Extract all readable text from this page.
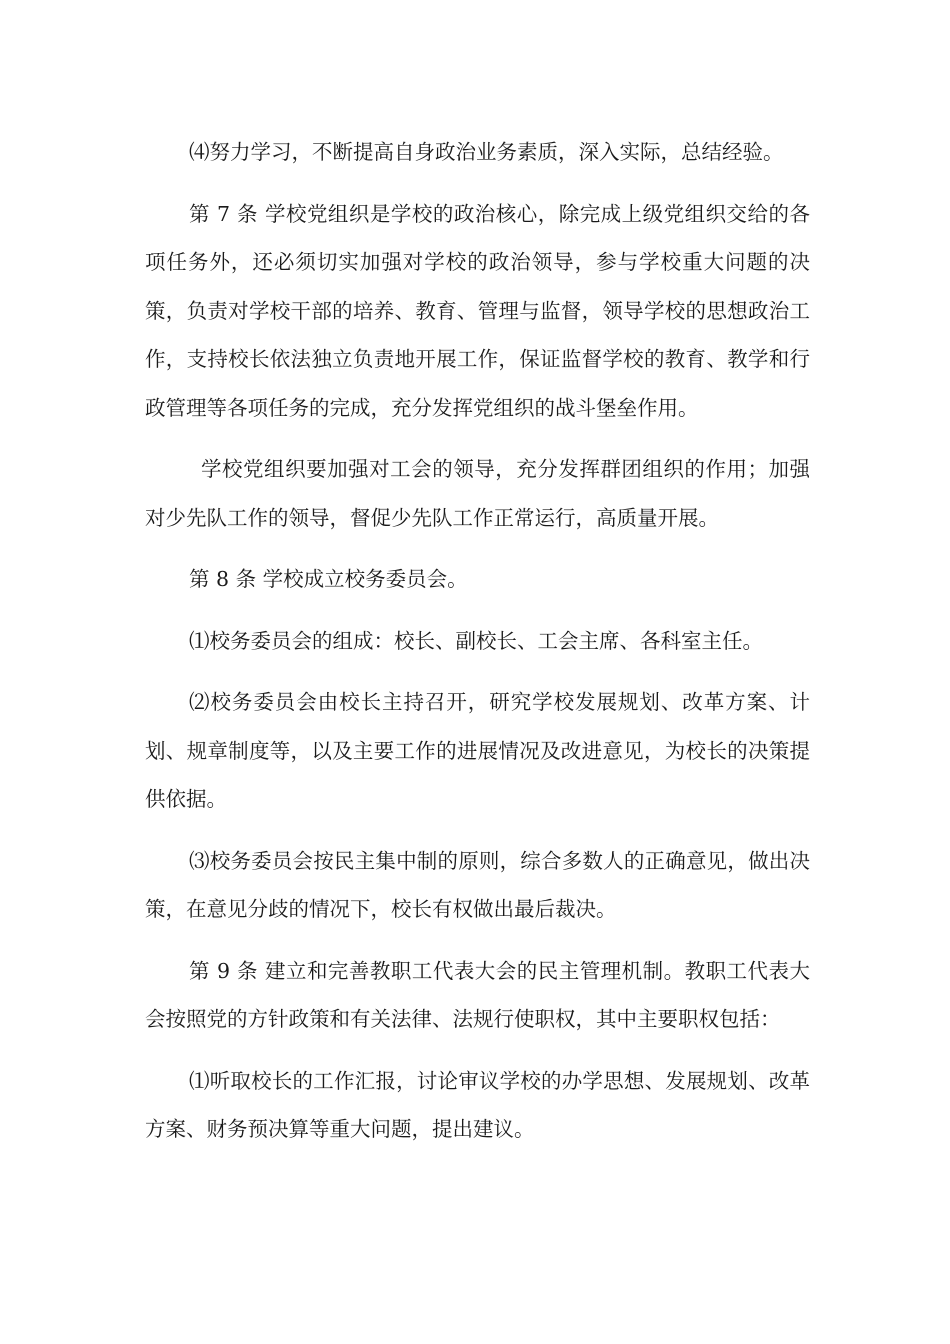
⑷努力学习，不断提高自身政治业务素质，深入实际，总结经验。

第 7 条 学校党组织是学校的政治核心，除完成上级党组织交给的各项任务外，还必须切实加强对学校的政治领导，参与学校重大问题的决策，负责对学校干部的培养、教育、管理与监督，领导学校的思想政治工作，支持校长依法独立负责地开展工作，保证监督学校的教育、教学和行政管理等各项任务的完成，充分发挥党组织的战斗堡垒作用。

学校党组织要加强对工会的领导，充分发挥群团组织的作用；加强对少先队工作的领导，督促少先队工作正常运行，高质量开展。

第 8 条 学校成立校务委员会。

⑴校务委员会的组成：校长、副校长、工会主席、各科室主任。

⑵校务委员会由校长主持召开，研究学校发展规划、改革方案、计划、规章制度等，以及主要工作的进展情况及改进意见，为校长的决策提供依据。

⑶校务委员会按民主集中制的原则，综合多数人的正确意见，做出决策，在意见分歧的情况下，校长有权做出最后裁决。

第 9 条 建立和完善教职工代表大会的民主管理机制。教职工代表大会按照党的方针政策和有关法律、法规行使职权，其中主要职权包括：

⑴听取校长的工作汇报，讨论审议学校的办学思想、发展规划、改革方案、财务预决算等重大问题，提出建议。
